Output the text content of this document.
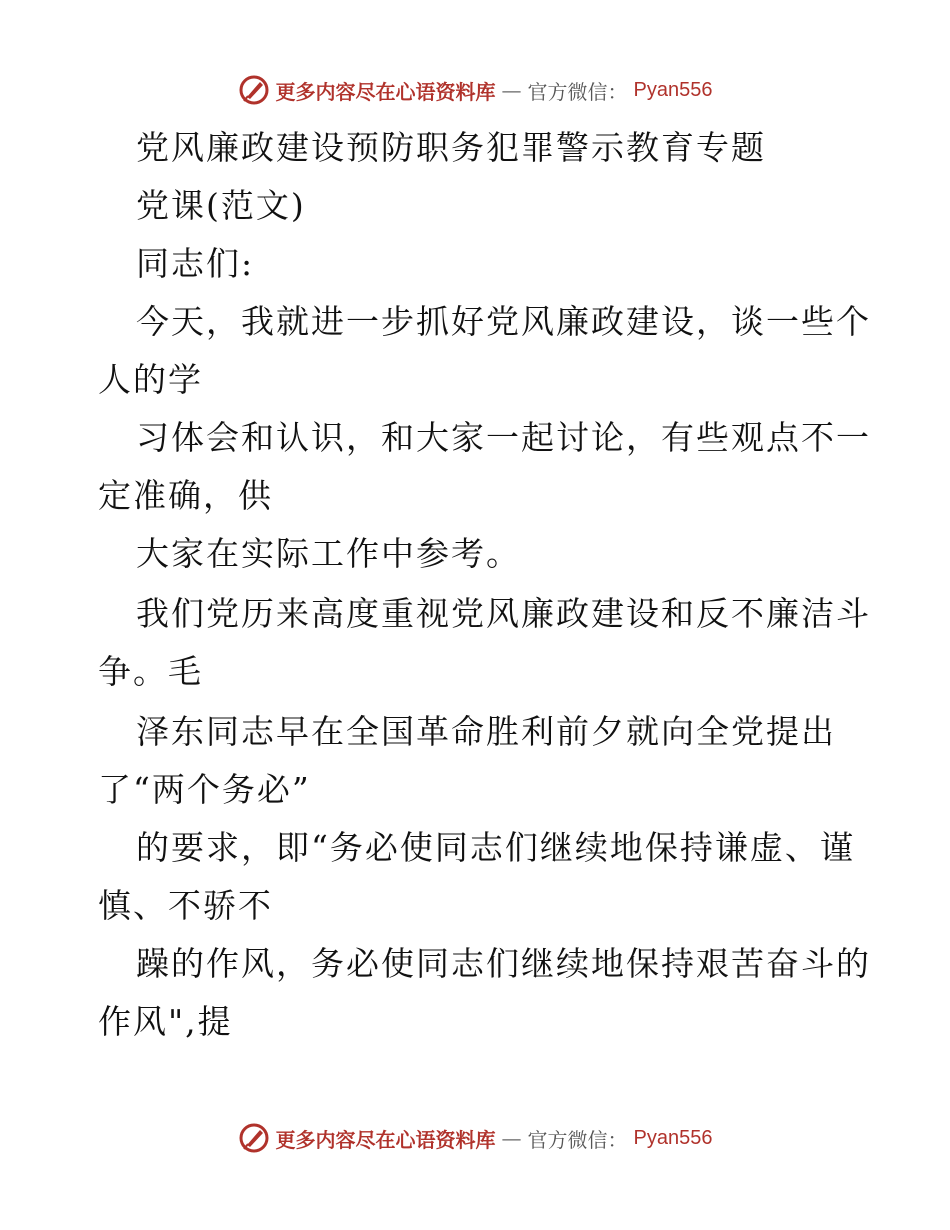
更多内容尽在心语资料库 — 官方微信： Pyan556
党风廉政建设预防职务犯罪警示教育专题
党课(范文)
同志们:
今天，我就进一步抓好党风廉政建设，谈一些个
人的学
习体会和认识，和大家一起讨论，有些观点不一
定准确，供
大家在实际工作中参考。
我们党历来高度重视党风廉政建设和反不廉洁斗
争。毛
泽东同志早在全国革命胜利前夕就向全党提出
了“两个务必”
的要求，即“务必使同志们继续地保持谦虚、谨
慎、不骄不
躁的作风，务必使同志们继续地保持艰苦奋斗的
作风",提
更多内容尽在心语资料库 — 官方微信： Pyan556
